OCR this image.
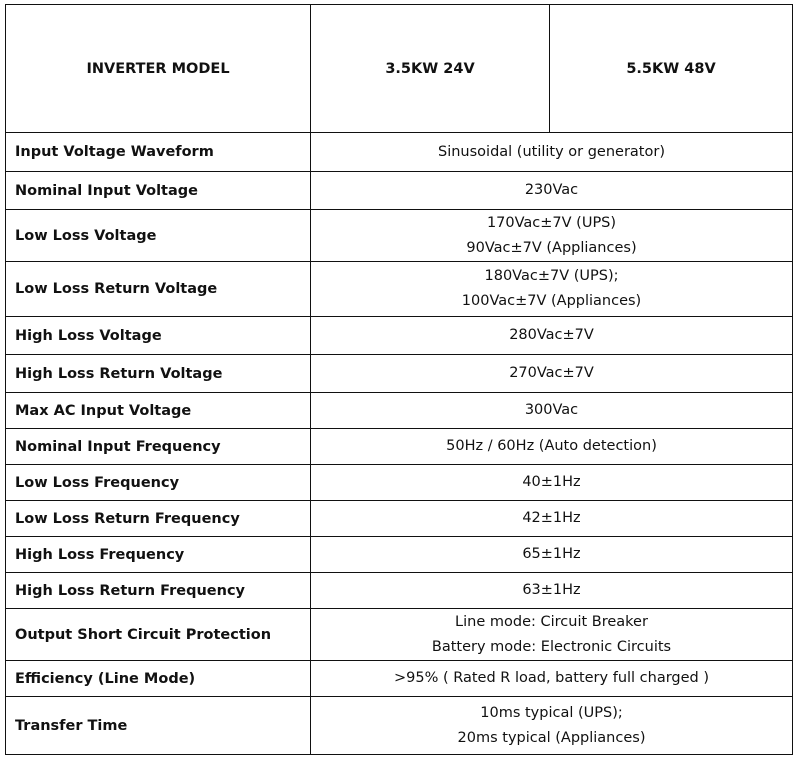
INVERTER MODEL	3.5KW 24V	5.5KW 48V
Input Voltage Waveform	Sinusoidal (utility or generator)	

Nominal Input Voltage	230Vac	

Low Loss Voltage	170Vac±7V (UPS)
90Vac±7V (Appliances)	

Low Loss Return Voltage	180Vac±7V (UPS);
100Vac±7V (Appliances)	

High Loss Voltage	280Vac±7V	

High Loss Return Voltage	270Vac±7V	

Max AC Input Voltage	300Vac	

Nominal Input Frequency	50Hz / 60Hz (Auto detection)	

Low Loss Frequency	40±1Hz	

Low Loss Return Frequency	42±1Hz	

High Loss Frequency	65±1Hz	

High Loss Return Frequency	63±1Hz	

Output Short Circuit Protection	Line mode: Circuit Breaker
Battery mode: Electronic Circuits	

Efficiency (Line Mode)	>95% ( Rated R load, battery full charged )	

Transfer Time	10ms typical (UPS);
20ms typical (Appliances)	
